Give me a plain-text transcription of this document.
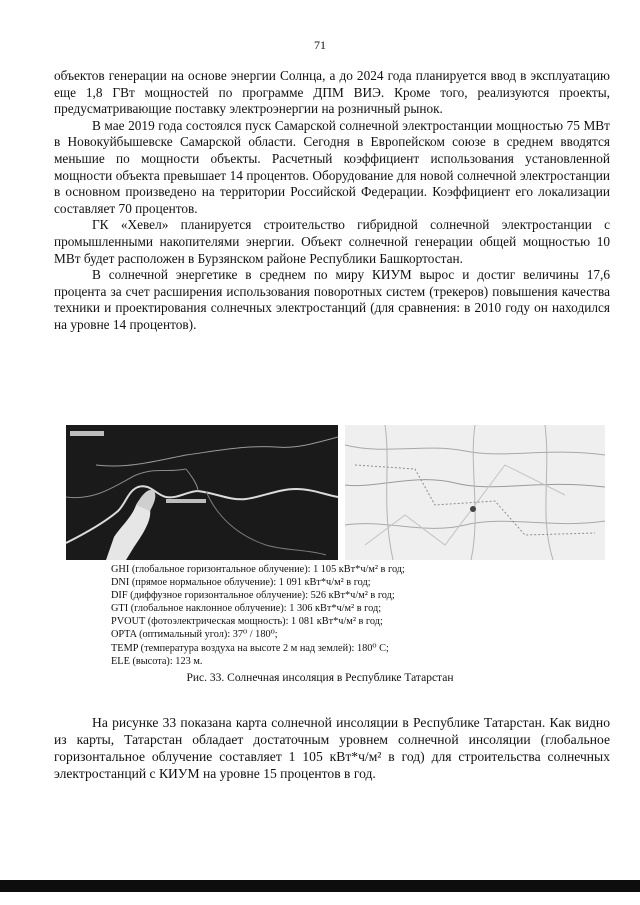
71

объектов генерации на основе энергии Солнца, а до 2024 года планируется ввод в эксплуатацию еще 1,8 ГВт мощностей по программе ДПМ ВИЭ. Кроме того, реализуются проекты, предусматривающие поставку электроэнергии на розничный рынок.

В мае 2019 года состоялся пуск Самарской солнечной электростанции мощностью 75 МВт в Новокуйбышевске Самарской области. Сегодня в Европейском союзе в среднем вводятся меньшие по мощности объекты. Расчетный коэффициент использования установленной мощности объекта превышает 14 процентов. Оборудование для новой солнечной электростанции в основном произведено на территории Российской Федерации. Коэффициент его локализации составляет 70 процентов.

ГК «Хевел» планируется строительство гибридной солнечной электростанции с промышленными накопителями энергии. Объект солнечной генерации общей мощностью 10 МВт будет расположен в Бурзянском районе Республики Башкортостан.

В солнечной энергетике в среднем по миру КИУМ вырос и достиг величины 17,6 процента за счет расширения использования поворотных систем (трекеров) повышения качества техники и проектирования солнечных электростанций (для сравнения: в 2010 году он находился на уровне 14 процентов).

GHI (глобальное горизонтальное облучение): 1 105 кВт*ч/м² в год;
DNI (прямое нормальное облучение): 1 091 кВт*ч/м² в год;
DIF (диффузное горизонтальное облучение): 526 кВт*ч/м² в год;
GTI (глобальное наклонное облучение): 1 306 кВт*ч/м² в год;
PVOUT (фотоэлектрическая мощность): 1 081 кВт*ч/м² в год;
OPTA (оптимальный угол): 37⁰ / 180⁰;
TEMP (температура воздуха на высоте 2 м над землей): 180⁰ С;
ELE (высота): 123 м.
Рис. 33. Солнечная инсоляция в Республике Татарстан

На рисунке 33 показана карта солнечной инсоляции в Республике Татарстан. Как видно из карты, Татарстан обладает достаточным уровнем солнечной инсоляции (глобальное горизонтальное облучение составляет 1 105 кВт*ч/м² в год) для строительства солнечных электростанций с КИУМ на уровне 15 процентов в год.
